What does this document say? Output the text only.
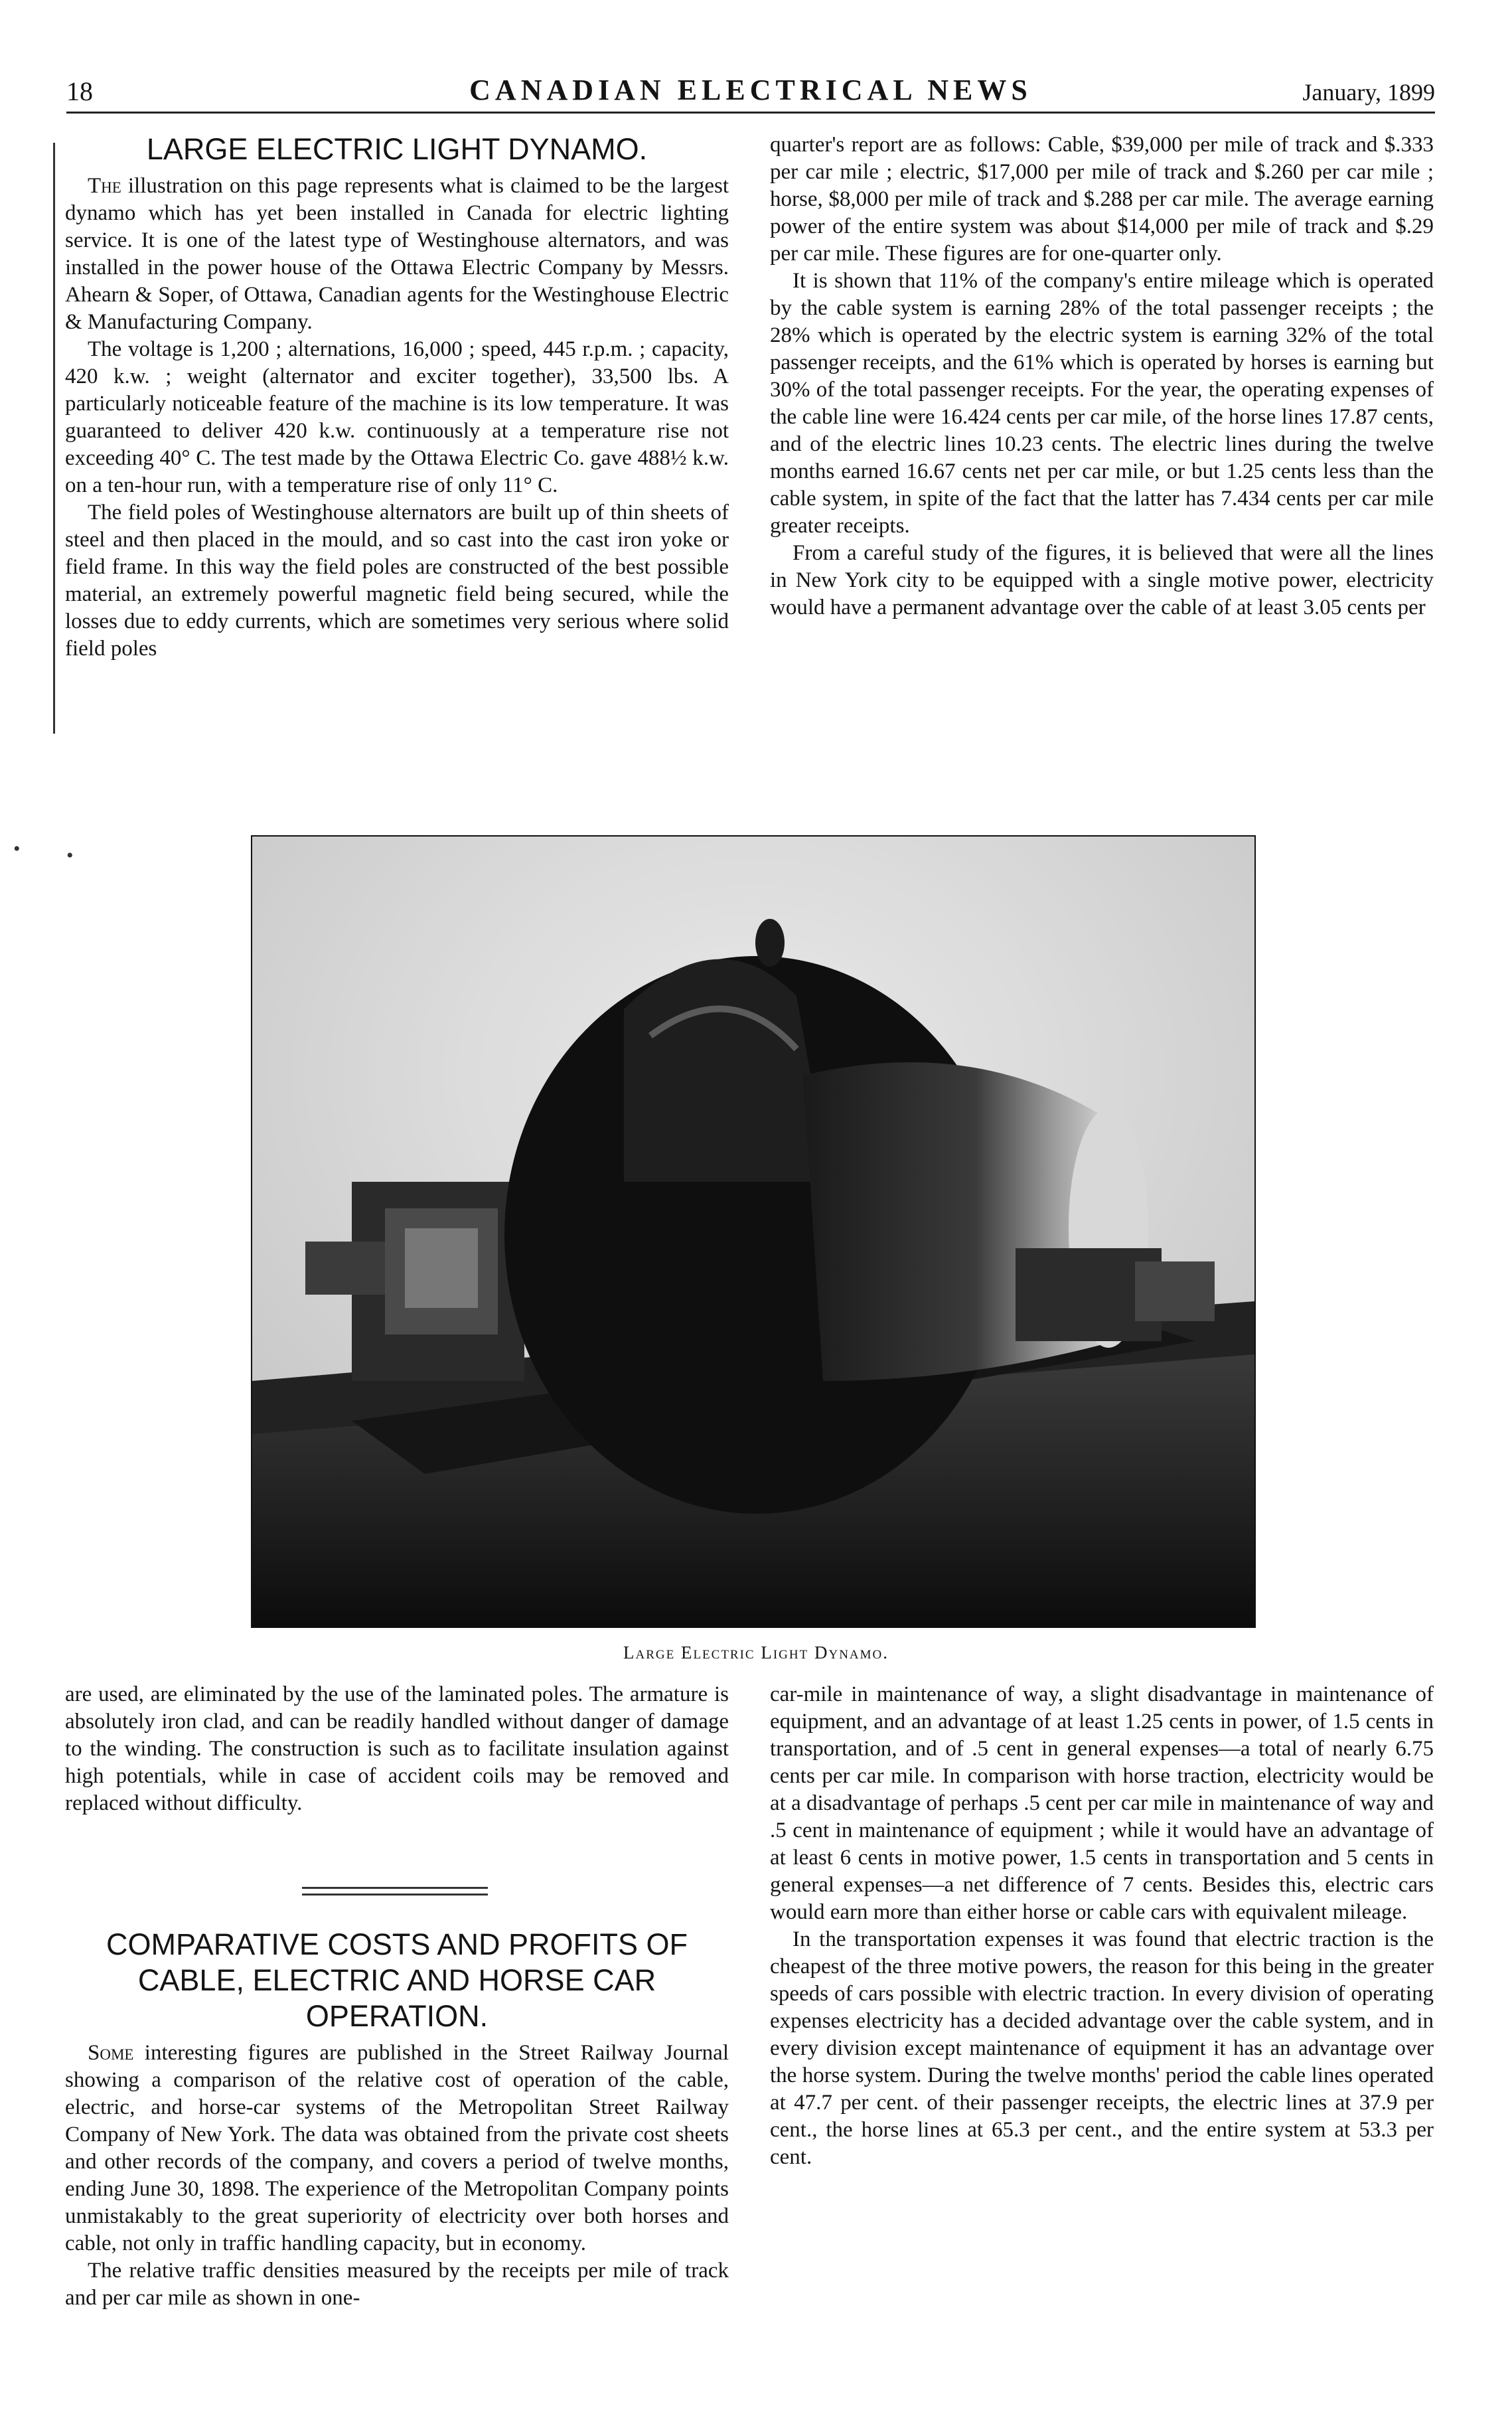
18	CANADIAN ELECTRICAL NEWS	January, 1899
• •
LARGE ELECTRIC LIGHT DYNAMO.

The illustration on this page represents what is claimed to be the largest dynamo which has yet been installed in Canada for electric lighting service. It is one of the latest type of Westinghouse alternators, and was installed in the power house of the Ottawa Electric Company by Messrs. Ahearn & Soper, of Ottawa, Canadian agents for the Westinghouse Electric & Manufacturing Company.

The voltage is 1,200 ; alternations, 16,000 ; speed, 445 r.p.m. ; capacity, 420 k.w. ; weight (alternator and exciter together), 33,500 lbs. A particularly noticeable feature of the machine is its low temperature. It was guaranteed to deliver 420 k.w. continuously at a temperature rise not exceeding 40° C. The test made by the Ottawa Electric Co. gave 488½ k.w. on a ten-hour run, with a temperature rise of only 11° C.

The field poles of Westinghouse alternators are built up of thin sheets of steel and then placed in the mould, and so cast into the cast iron yoke or field frame. In this way the field poles are constructed of the best possible material, an extremely powerful magnetic field being secured, while the losses due to eddy currents, which are sometimes very serious where solid field poles

quarter's report are as follows: Cable, $39,000 per mile of track and $.333 per car mile ; electric, $17,000 per mile of track and $.260 per car mile ; horse, $8,000 per mile of track and $.288 per car mile. The average earning power of the entire system was about $14,000 per mile of track and $.29 per car mile. These figures are for one-quarter only.

It is shown that 11% of the company's entire mileage which is operated by the cable system is earning 28% of the total passenger receipts ; the 28% which is operated by the electric system is earning 32% of the total passenger receipts, and the 61% which is operated by horses is earning but 30% of the total passenger receipts. For the year, the operating expenses of the cable line were 16.424 cents per car mile, of the horse lines 17.87 cents, and of the electric lines 10.23 cents. The electric lines during the twelve months earned 16.67 cents net per car mile, or but 1.25 cents less than the cable system, in spite of the fact that the latter has 7.434 cents per car mile greater receipts.

From a careful study of the figures, it is believed that were all the lines in New York city to be equipped with a single motive power, electricity would have a permanent advantage over the cable of at least 3.05 cents per

Large Electric Light Dynamo.

are used, are eliminated by the use of the laminated poles. The armature is absolutely iron clad, and can be readily handled without danger of damage to the winding. The construction is such as to facilitate insulation against high potentials, while in case of accident coils may be removed and replaced without difficulty.

COMPARATIVE COSTS AND PROFITS OF CABLE, ELECTRIC AND HORSE CAR OPERATION.

Some interesting figures are published in the Street Railway Journal showing a comparison of the relative cost of operation of the cable, electric, and horse-car systems of the Metropolitan Street Railway Company of New York. The data was obtained from the private cost sheets and other records of the company, and covers a period of twelve months, ending June 30, 1898. The experience of the Metropolitan Company points unmistakably to the great superiority of electricity over both horses and cable, not only in traffic handling capacity, but in economy.

The relative traffic densities measured by the receipts per mile of track and per car mile as shown in one-

car-mile in maintenance of way, a slight disadvantage in maintenance of equipment, and an advantage of at least 1.25 cents in power, of 1.5 cents in transportation, and of .5 cent in general expenses—a total of nearly 6.75 cents per car mile. In comparison with horse traction, electricity would be at a disadvantage of perhaps .5 cent per car mile in maintenance of way and .5 cent in maintenance of equipment ; while it would have an advantage of at least 6 cents in motive power, 1.5 cents in transportation and 5 cents in general expenses—a net difference of 7 cents. Besides this, electric cars would earn more than either horse or cable cars with equivalent mileage.

In the transportation expenses it was found that electric traction is the cheapest of the three motive powers, the reason for this being in the greater speeds of cars possible with electric traction. In every division of operating expenses electricity has a decided advantage over the cable system, and in every division except maintenance of equipment it has an advantage over the horse system. During the twelve months' period the cable lines operated at 47.7 per cent. of their passenger receipts, the electric lines at 37.9 per cent., the horse lines at 65.3 per cent., and the entire system at 53.3 per cent.
